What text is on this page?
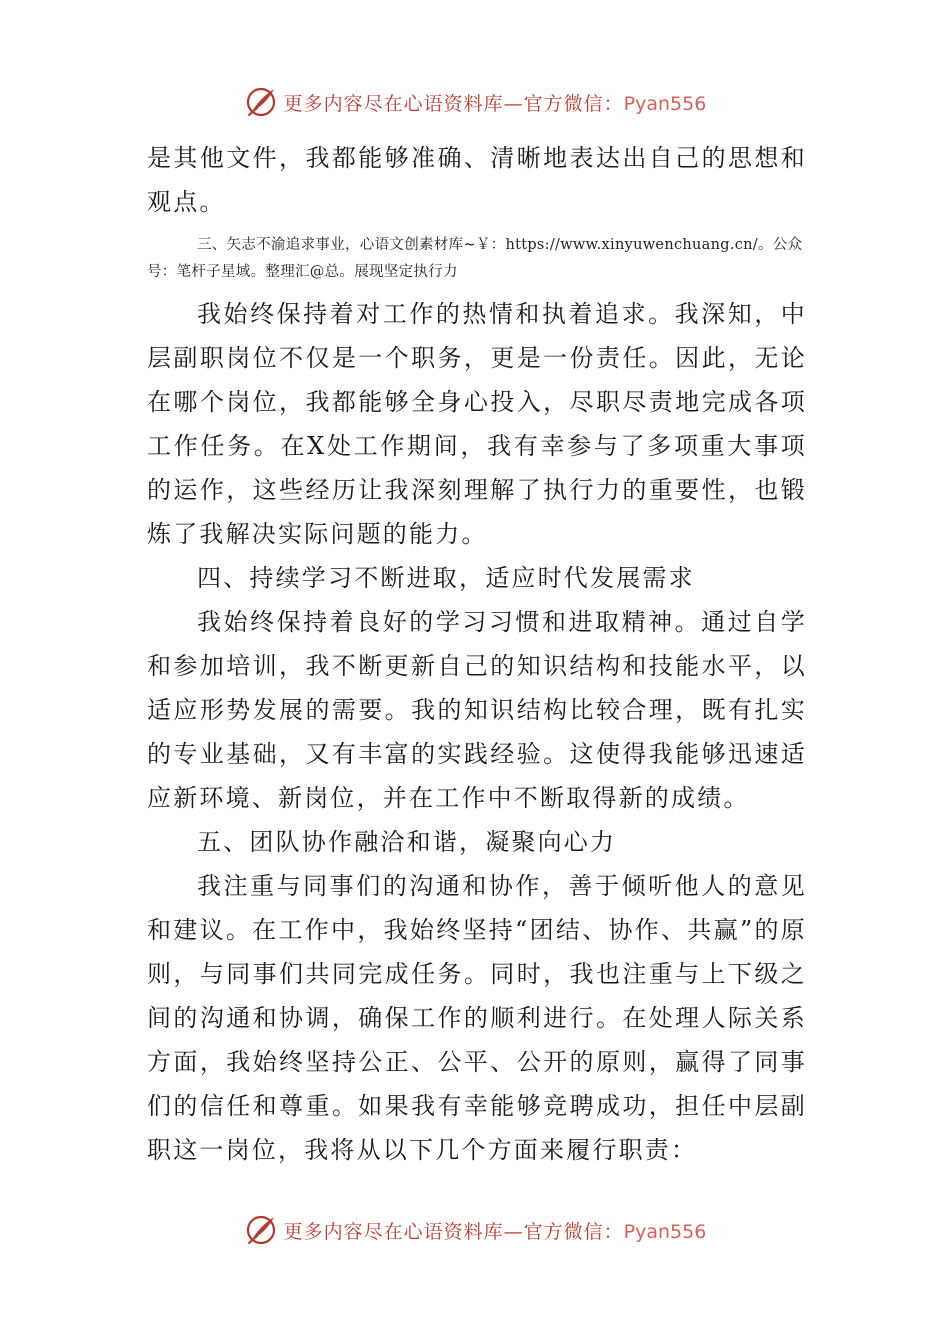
更多内容尽在心语资料库—官方微信：Pyan556

是其他文件，我都能够准确、清晰地表达出自己的思想和观点。

三、矢志不渝追求事业，心语文创素材库~￥：https://www.xinyuwenchuang.cn/。公众号：笔杆子星域。整理汇@总。展现坚定执行力

我始终保持着对工作的热情和执着追求。我深知，中层副职岗位不仅是一个职务，更是一份责任。因此，无论在哪个岗位，我都能够全身心投入，尽职尽责地完成各项工作任务。在X处工作期间，我有幸参与了多项重大事项的运作，这些经历让我深刻理解了执行力的重要性，也锻炼了我解决实际问题的能力。

四、持续学习不断进取，适应时代发展需求

我始终保持着良好的学习习惯和进取精神。通过自学和参加培训，我不断更新自己的知识结构和技能水平，以适应形势发展的需要。我的知识结构比较合理，既有扎实的专业基础，又有丰富的实践经验。这使得我能够迅速适应新环境、新岗位，并在工作中不断取得新的成绩。

五、团队协作融洽和谐，凝聚向心力

我注重与同事们的沟通和协作，善于倾听他人的意见和建议。在工作中，我始终坚持“团结、协作、共赢”的原则，与同事们共同完成任务。同时，我也注重与上下级之间的沟通和协调，确保工作的顺利进行。在处理人际关系方面，我始终坚持公正、公平、公开的原则，赢得了同事们的信任和尊重。如果我有幸能够竞聘成功，担任中层副职这一岗位，我将从以下几个方面来履行职责：

更多内容尽在心语资料库—官方微信：Pyan556
